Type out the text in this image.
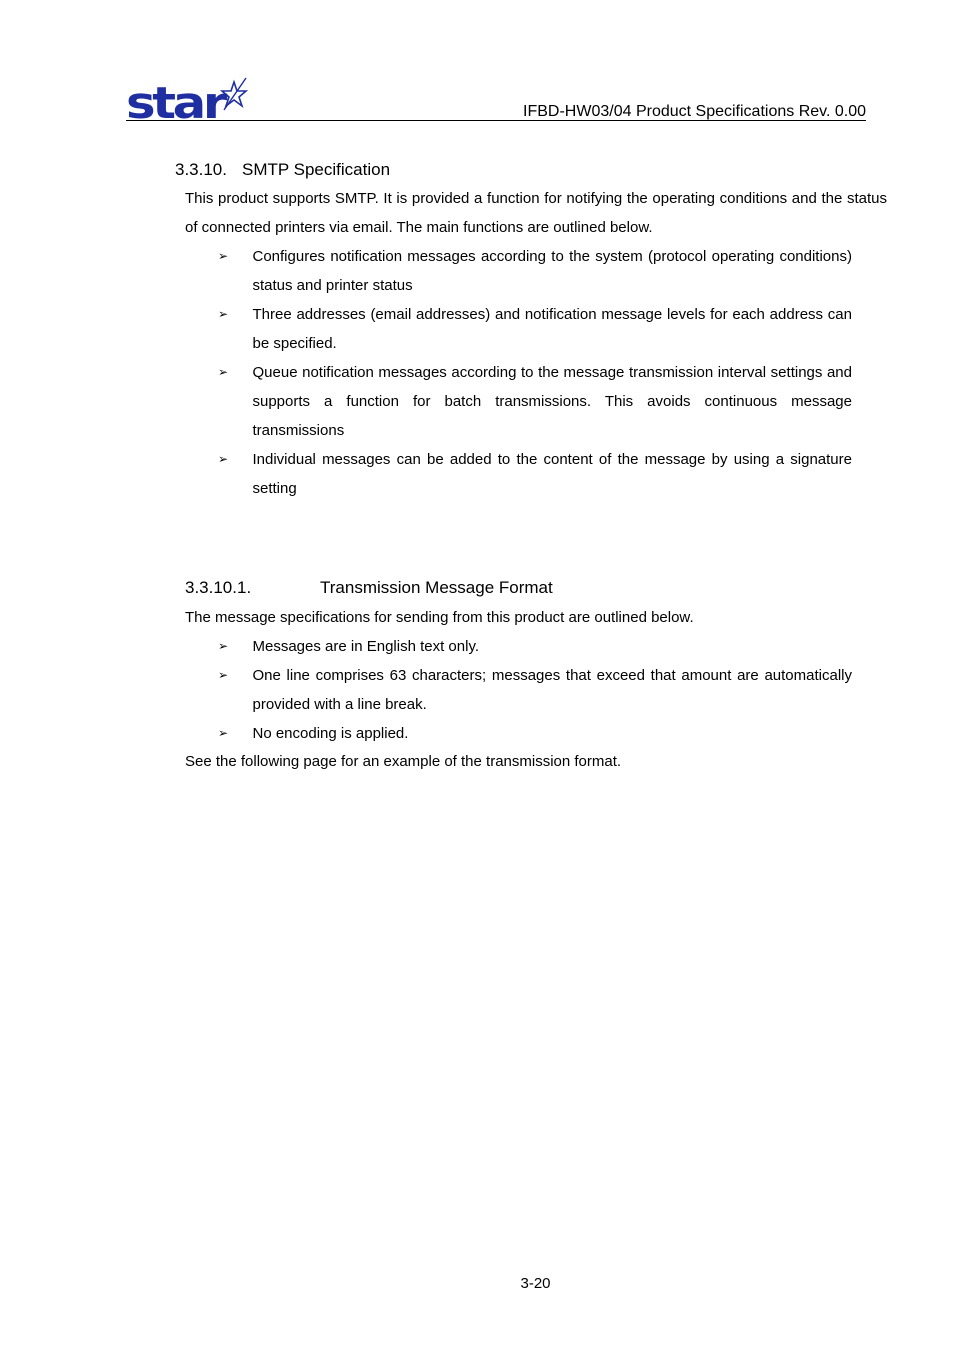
star	IFBD-HW03/04 Product Specifications Rev. 0.00
3.3.10. SMTP Specification
This product supports SMTP. It is provided a function for notifying the operating conditions and the status of connected printers via email. The main functions are outlined below.
➢ Configures notification messages according to the system (protocol operating conditions) status and printer status
➢ Three addresses (email addresses) and notification message levels for each address can be specified.
➢ Queue notification messages according to the message transmission interval settings and supports a function for batch transmissions. This avoids continuous message transmissions
➢ Individual messages can be added to the content of the message by using a signature setting
3.3.10.1.	Transmission Message Format
The message specifications for sending from this product are outlined below.
➢ Messages are in English text only.
➢ One line comprises 63 characters; messages that exceed that amount are automatically provided with a line break.
➢ No encoding is applied.
See the following page for an example of the transmission format.
3-20
